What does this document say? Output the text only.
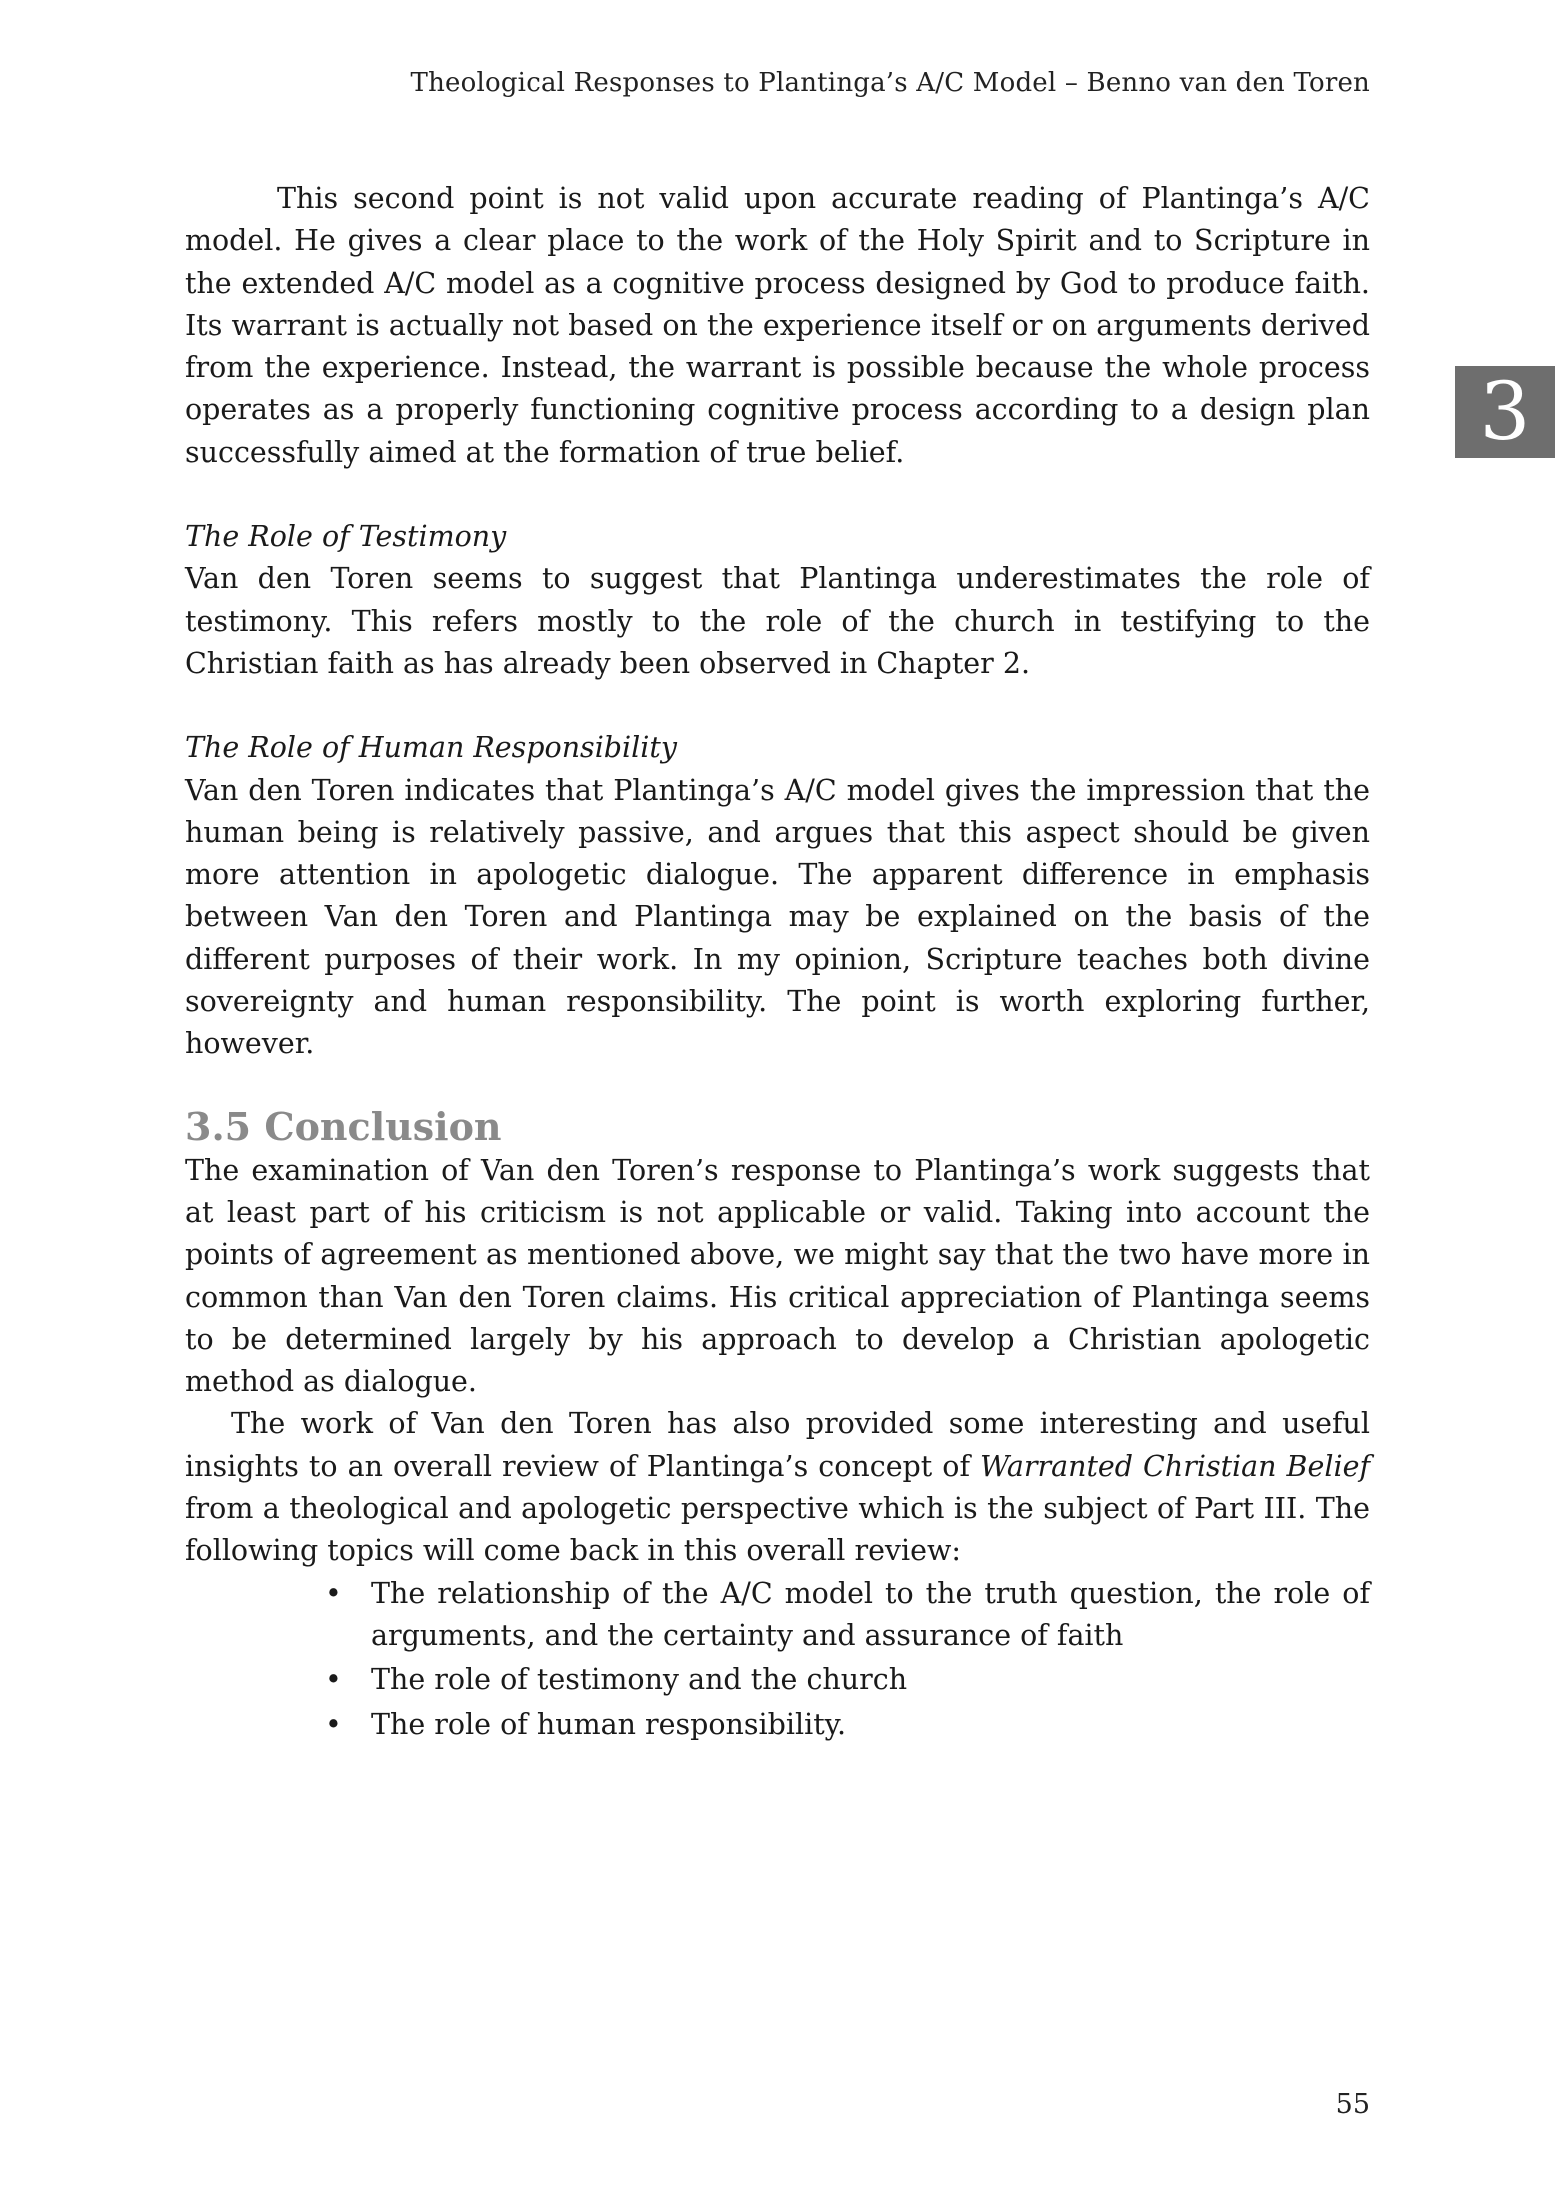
Theological Responses to Plantinga’s A/C Model – Benno van den Toren
3

This second point is not valid upon accurate reading of Plantinga’s A/C model. He gives a clear place to the work of the Holy Spirit and to Scripture in the extended A/C model as a cognitive process designed by God to produce faith. Its warrant is actually not based on the experience itself or on arguments derived from the experience. Instead, the warrant is possible because the whole process operates as a properly functioning cognitive process according to a design plan successfully aimed at the formation of true belief.

The Role of Testimony

Van den Toren seems to suggest that Plantinga underestimates the role of testimony. This refers mostly to the role of the church in testifying to the Christian faith as has already been observed in Chapter 2.

The Role of Human Responsibility

Van den Toren indicates that Plantinga’s A/C model gives the impression that the human being is relatively passive, and argues that this aspect should be given more attention in apologetic dialogue. The apparent difference in emphasis between Van den Toren and Plantinga may be explained on the basis of the different purposes of their work. In my opinion, Scripture teaches both divine sovereignty and human responsibility. The point is worth exploring further, however.

3.5 Conclusion

The examination of Van den Toren’s response to Plantinga’s work suggests that at least part of his criticism is not applicable or valid. Taking into account the points of agreement as mentioned above, we might say that the two have more in common than Van den Toren claims. His critical appreciation of Plantinga seems to be determined largely by his approach to develop a Christian apologetic method as dialogue.

The work of Van den Toren has also provided some interesting and useful insights to an overall review of Plantinga’s concept of Warranted Christian Belief from a theological and apologetic perspective which is the subject of Part III. The following topics will come back in this overall review:

• The relationship of the A/C model to the truth question, the role of arguments, and the certainty and assurance of faith
• The role of testimony and the church
• The role of human responsibility.
55
